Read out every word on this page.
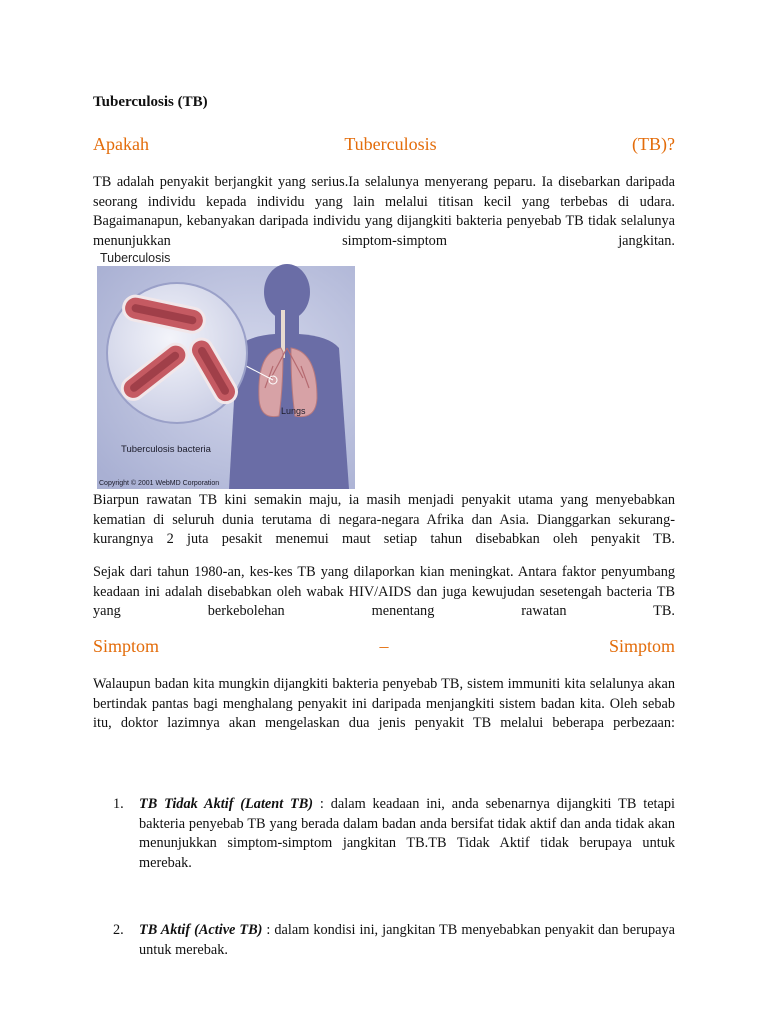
Tuberculosis (TB)
Apakah	Tuberculosis	(TB)?

TB adalah penyakit berjangkit yang serius.Ia selalunya menyerang peparu. Ia disebarkan daripada seorang individu kepada individu yang lain melalui titisan kecil yang terbebas di udara. Bagaimanapun, kebanyakan daripada individu yang dijangkiti bakteria penyebab TB tidak selalunya menunjukkan simptom-simptom jangkitan.

Tuberculosis
Lungs
Tuberculosis bacteria
Copyright © 2001 WebMD Corporation

Biarpun rawatan TB kini semakin maju, ia masih menjadi penyakit utama yang menyebabkan kematian di seluruh dunia terutama di negara-negara Afrika dan Asia. Dianggarkan sekurang-kurangnya 2 juta pesakit menemui maut setiap tahun disebabkan oleh penyakit TB.

Sejak dari tahun 1980-an, kes-kes TB yang dilaporkan kian meningkat. Antara faktor penyumbang keadaan ini adalah disebabkan oleh wabak HIV/AIDS dan juga kewujudan sesetengah bacteria TB yang berkebolehan menentang rawatan TB.

Simptom	–	Simptom

Walaupun badan kita mungkin dijangkiti bakteria penyebab TB, sistem immuniti kita selalunya akan bertindak pantas bagi menghalang penyakit ini daripada menjangkiti sistem badan kita. Oleh sebab itu, doktor lazimnya akan mengelaskan dua jenis penyakit TB melalui beberapa perbezaan:

1. TB Tidak Aktif (Latent TB) : dalam keadaan ini, anda sebenarnya dijangkiti TB tetapi bakteria penyebab TB yang berada dalam badan anda bersifat tidak aktif dan anda tidak akan menunjukkan simptom-simptom jangkitan TB.TB Tidak Aktif tidak berupaya untuk merebak.
2. TB Aktif (Active TB) : dalam kondisi ini, jangkitan TB menyebabkan penyakit dan berupaya untuk merebak.
